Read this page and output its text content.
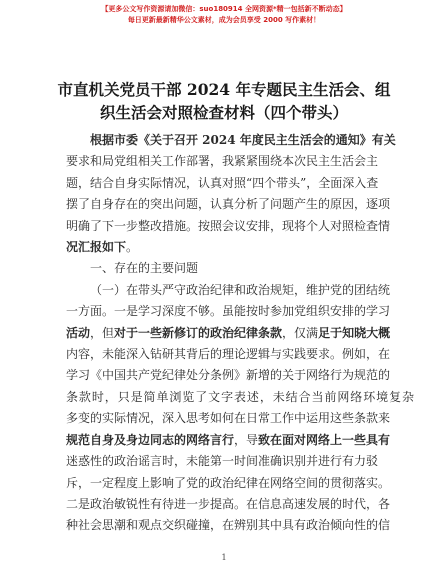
【更多公文写作资源请加微信：suo180914 全网资源*精一包括新不断动态】
每日更新最新精华公文素材，成为会员享受 2000 写作素材！
市直机关党员干部 2024 年专题民主生活会、组
织生活会对照检查材料（四个带头）

根据市委《关于召开 2024 年度民主生活会的通知》有关

要求和局党组相关工作部署，我紧紧围绕本次民主生活会主

题，结合自身实际情况，认真对照“四个带头”，全面深入查

摆了自身存在的突出问题，认真分析了问题产生的原因，逐项

明确了下一步整改措施。按照会议安排，现将个人对照检查情

况汇报如下。

一、存在的主要问题

（一）在带头严守政治纪律和政治规矩，维护党的团结统

一方面。一是学习深度不够。虽能按时参加党组织安排的学习

活动，但对于一些新修订的政治纪律条款，仅满足于知晓大概

内容，未能深入钻研其背后的理论逻辑与实践要求。例如，在

学习《中国共产党纪律处分条例》新增的关于网络行为规范的

条款时，只是简单浏览了文字表述，未结合当前网络环境复杂

多变的实际情况，深入思考如何在日常工作中运用这些条款来

规范自身及身边同志的网络言行，导致在面对网络上一些具有

迷惑性的政治谣言时，未能第一时间准确识别并进行有力驳

斥，一定程度上影响了党的政治纪律在网络空间的贯彻落实。

二是政治敏锐性有待进一步提高。在信息高速发展的时代，各

种社会思潮和观点交织碰撞，在辨别其中具有政治倾向性的信

1
